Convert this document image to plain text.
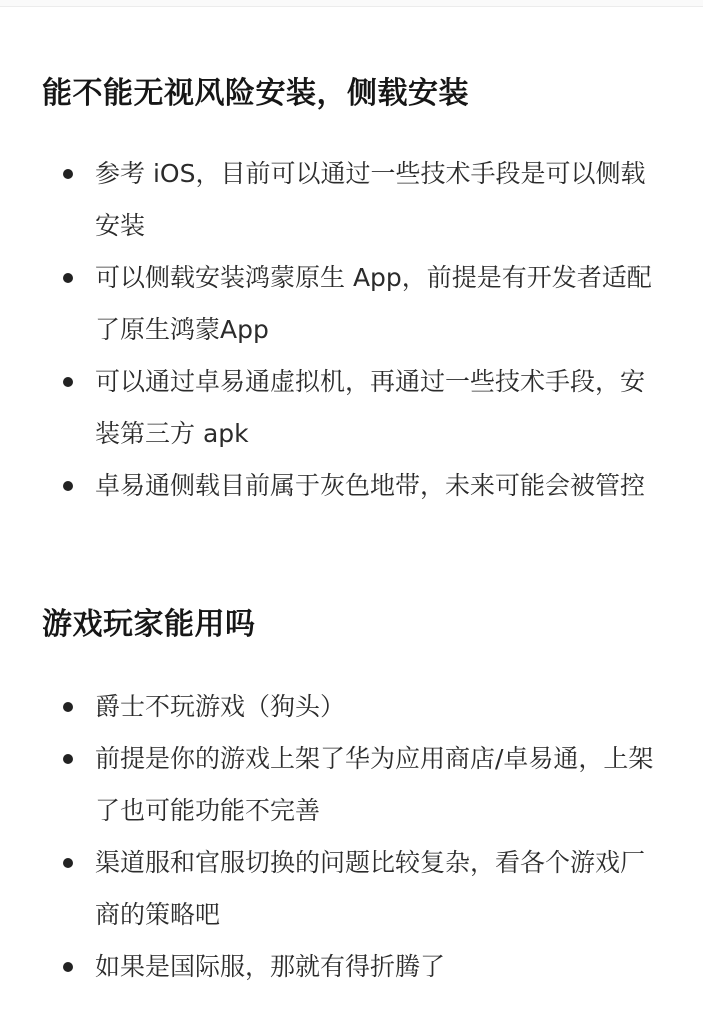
能不能无视风险安装，侧载安装
参考 iOS，目前可以通过一些技术手段是可以侧载安装
可以侧载安装鸿蒙原生 App，前提是有开发者适配了原生鸿蒙App
可以通过卓易通虚拟机，再通过一些技术手段，安装第三方 apk
卓易通侧载目前属于灰色地带，未来可能会被管控
游戏玩家能用吗
爵士不玩游戏（狗头）
前提是你的游戏上架了华为应用商店/卓易通，上架了也可能功能不完善
渠道服和官服切换的问题比较复杂，看各个游戏厂商的策略吧
如果是国际服，那就有得折腾了
